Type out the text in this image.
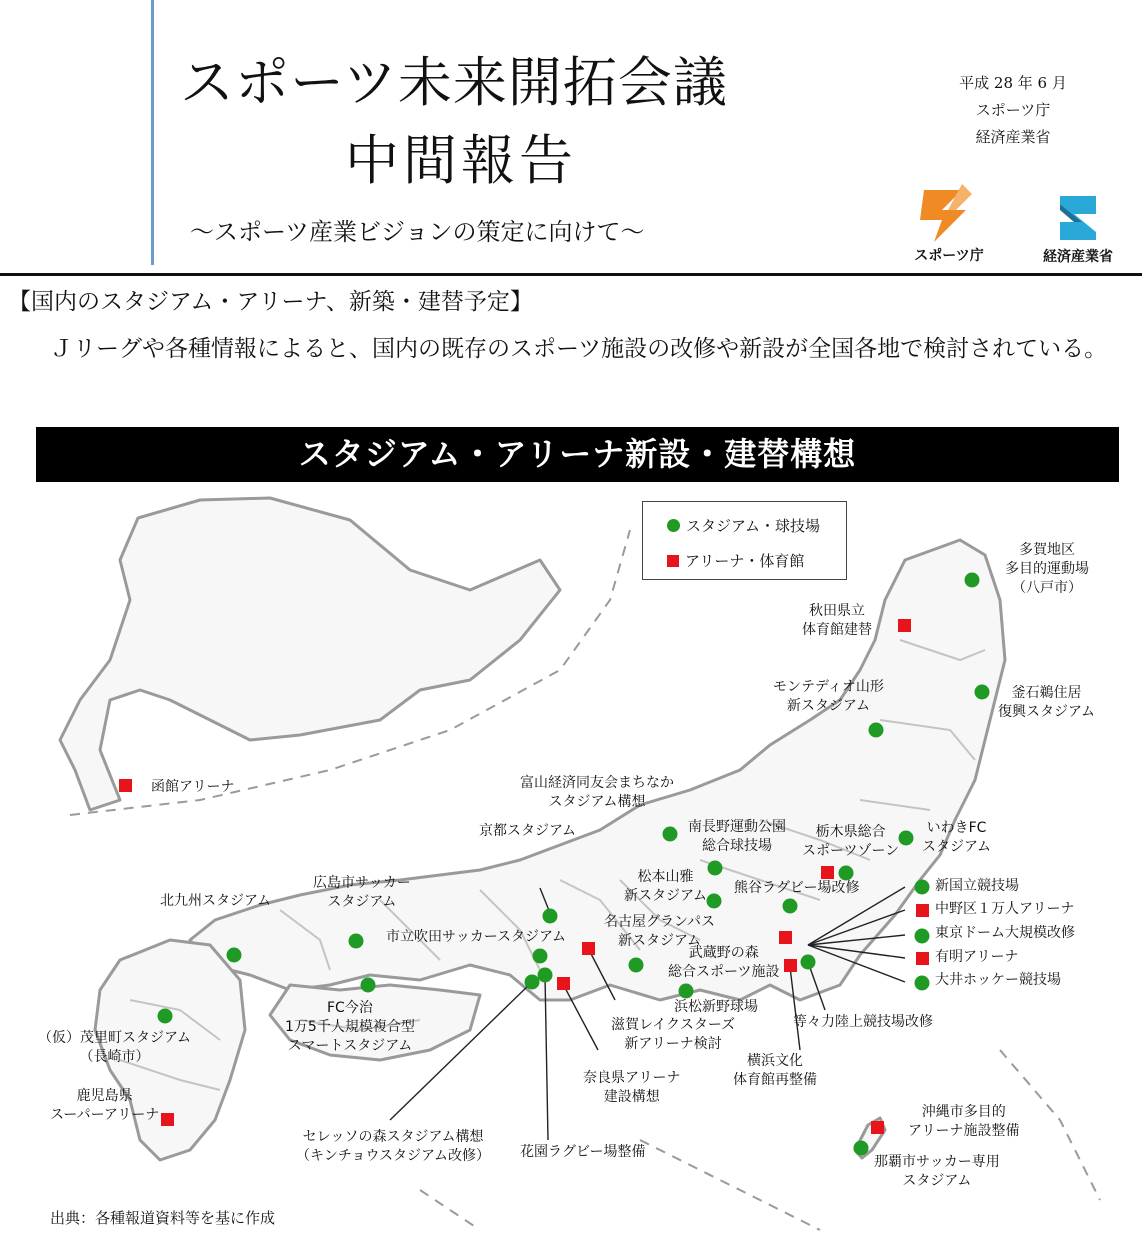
スポーツ未来開拓会議
中間報告
～スポーツ産業ビジョンの策定に向けて～
平成 28 年 6 月
スポーツ庁
経済産業省
スポーツ庁	経済産業省
【国内のスタジアム・アリーナ、新築・建替予定】
Ｊリーグや各種情報によると、国内の既存のスポーツ施設の改修や新設が全国各地で検討されている。
スタジアム・アリーナ新設・建替構想
スタジアム・球技場
アリーナ・体育館
多賀地区
多目的運動場
（八戸市）
秋田県立
体育館建替
釜石鵜住居
復興スタジアム
モンテディオ山形
新スタジアム
函館アリーナ	富山経済同友会まちなか
スタジアム構想
京都スタジアム	南長野運動公園
総合球技場
栃木県総合
スポーツゾーン
いわきFC
スタジアム
松本山雅
新スタジアム 熊谷ラグビー場改修
北九州スタジアム
広島市サッカー
スタジアム
市立吹田サッカースタジアム
名古屋グランパス
新スタジアム
武蔵野の森
総合スポーツ施設
新国立競技場
中野区１万人アリーナ
東京ドーム大規模改修
有明アリーナ
大井ホッケー競技場
FC今治
1万5千人規模複合型
スマートスタジアム
浜松新野球場
等々力陸上競技場改修
滋賀レイクスターズ
新アリーナ検討
（仮）茂里町スタジアム
（長崎市）
奈良県アリーナ
建設構想
横浜文化
体育館再整備
鹿児島県
スーパーアリーナ
セレッソの森スタジアム構想
（キンチョウスタジアム改修） 花園ラグビー場整備
沖縄市多目的
アリーナ施設整備
那覇市サッカー専用
スタジアム
出典：各種報道資料等を基に作成
